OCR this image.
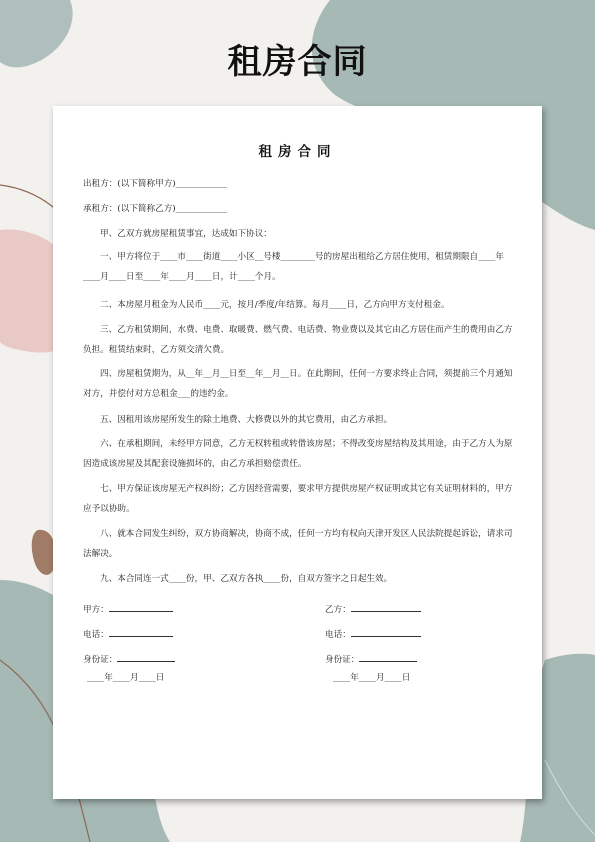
租房合同
租房合同
出租方：(以下简称甲方)____________
承租方：(以下简称乙方)____________
甲、乙双方就房屋租赁事宜，达成如下协议：
一、甲方将位于____市____街道____小区__号楼________号的房屋出租给乙方居住使用，租赁期限自____年____月____日至____年____月____日，计____个月。
二、本房屋月租金为人民币____元，按月/季度/年结算。每月____日，乙方向甲方支付租金。
三、乙方租赁期间，水费、电费、取暖费、燃气费、电话费、物业费以及其它由乙方居住而产生的费用由乙方负担。租赁结束时，乙方须交清欠费。
四、房屋租赁期为，从__年__月__日至__年__月__日。在此期间，任何一方要求终止合同，须提前三个月通知对方，并偿付对方总租金___的违约金。
五、因租用该房屋所发生的除土地费、大修费以外的其它费用，由乙方承担。
六、在承租期间，未经甲方同意，乙方无权转租或转借该房屋；不得改变房屋结构及其用途，由于乙方人为原因造成该房屋及其配套设施损坏的，由乙方承担赔偿责任。
七、甲方保证该房屋无产权纠纷；乙方因经营需要，要求甲方提供房屋产权证明或其它有关证明材料的，甲方应予以协助。
八、就本合同发生纠纷，双方协商解决，协商不成，任何一方均有权向天津开发区人民法院提起诉讼，请求司法解决。
九、本合同连一式____份，甲、乙双方各执____份，自双方签字之日起生效。
甲方：	乙方：
电话：	电话：
身份证：	身份证：
____年____月____日	____年____月____日
